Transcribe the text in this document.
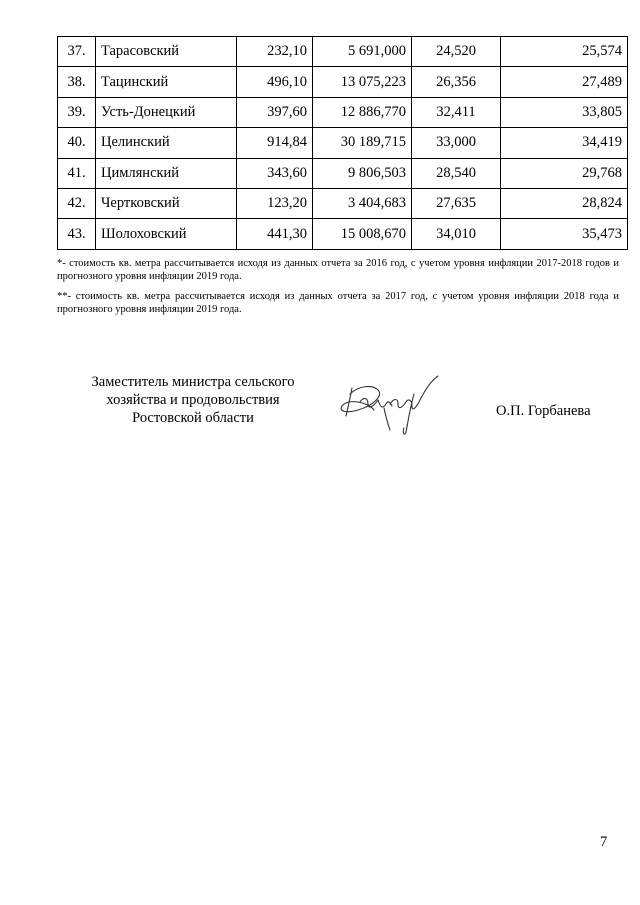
37.	Тарасовский	232,10	5 691,000	24,520	25,574
38.	Тацинский	496,10	13 075,223	26,356	27,489
39.	Усть-Донецкий	397,60	12 886,770	32,411	33,805
40.	Целинский	914,84	30 189,715	33,000	34,419
41.	Цимлянский	343,60	9 806,503	28,540	29,768
42.	Чертковский	123,20	3 404,683	27,635	28,824
43.	Шолоховский	441,30	15 008,670	34,010	35,473
*- стоимость кв. метра рассчитывается исходя из данных отчета за 2016 год, с учетом уровня инфляции 2017-2018 годов и прогнозного уровня инфляции 2019 года.
**- стоимость кв. метра рассчитывается исходя из данных отчета за 2017 год, с учетом уровня инфляции 2018 года и прогнозного уровня инфляции 2019 года.
Заместитель министра сельского
хозяйства и продовольствия
Ростовской области	О.П. Горбанева
7
